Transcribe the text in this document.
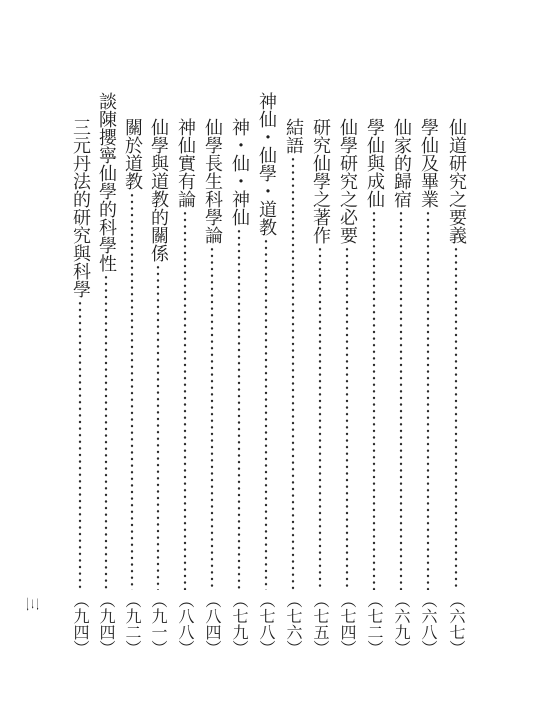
仙道研究之要義
（六七）
學仙及畢業
（六八）
仙家的歸宿
（六九）
學仙與成仙
（七二）
仙學研究之必要
（七四）
研究仙學之著作
（七五）
結語
（七六）
神仙・仙學・道教
（七八）
神・仙・神仙
（七九）
仙學長生科學論
（八四）
神仙實有論
（八八）
仙學與道教的關係
（九一）
關於道教
（九二）
談陳攖寧仙學的科學性
（九四）
三元丹法的研究與科學
（九四）
三
